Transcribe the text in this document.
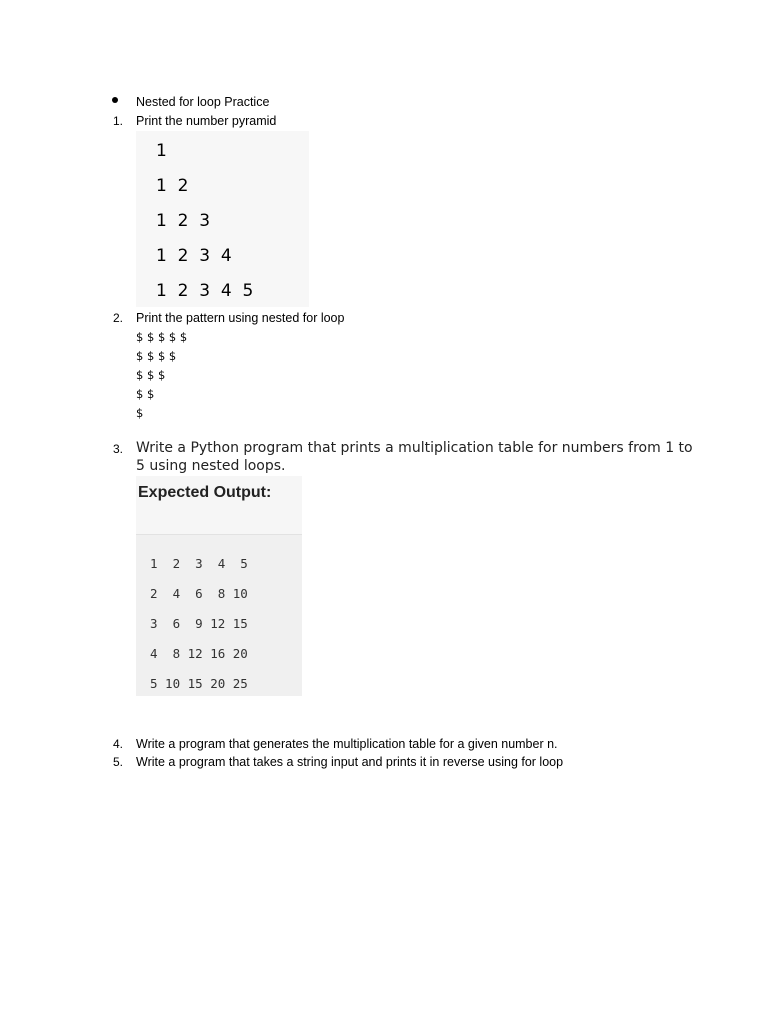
Nested for loop Practice
1. Print the number pyramid
1
1  2
1  2  3
1  2  3  4
1  2  3  4  5
2. Print the pattern using nested for loop
$ $ $ $ $
$ $ $ $
$ $ $
$ $
$
3. Write a Python program that prints a multiplication table for numbers from 1 to 5 using nested loops.
Expected Output:
1  2  3  4  5
2  4  6  8 10
3  6  9 12 15
4  8 12 16 20
5 10 15 20 25
4. Write a program that generates the multiplication table for a given number n.
5. Write a program that takes a string input and prints it in reverse using for loop
